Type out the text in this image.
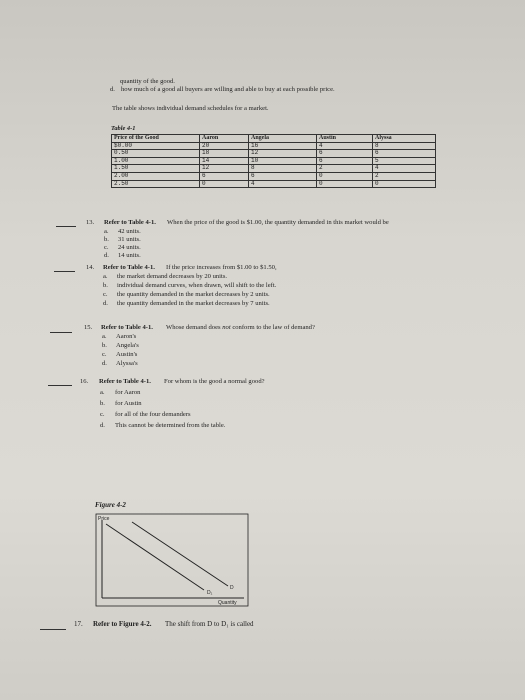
quantity of the good.
d. how much of a good all buyers are willing and able to buy at each possible price.
The table shows individual demand schedules for a market.
Table 4-1
Price of the Good	Aaron	Angela	Austin	Alyssa
$0.00	20	16	4	8
0.50	18	12	6	6
1.00	14	10	6	5
1.50	12	8	2	4
2.00	6	6	0	2
2.50	0	4	0	0
13. Refer to Table 4-1. When the price of the good is $1.00, the quantity demanded in this market would be
a. 42 units.
b. 31 units.
c. 24 units.
d. 14 units.
14. Refer to Table 4-1. If the price increases from $1.00 to $1.50,
a. the market demand decreases by 20 units.
b. individual demand curves, when drawn, will shift to the left.
c. the quantity demanded in the market decreases by 2 units.
d. the quantity demanded in the market decreases by 7 units.
15. Refer to Table 4-1. Whose demand does not conform to the law of demand?
a. Aaron's
b. Angela's
c. Austin's
d. Alyssa's
16. Refer to Table 4-1. For whom is the good a normal good?
a. for Aaron
b. for Austin
c. for all of the four demanders
d. This cannot be determined from the table.
Figure 4-2
Price
Quantity
D₁
D
17. Refer to Figure 4-2. The shift from D to D₁ is called
